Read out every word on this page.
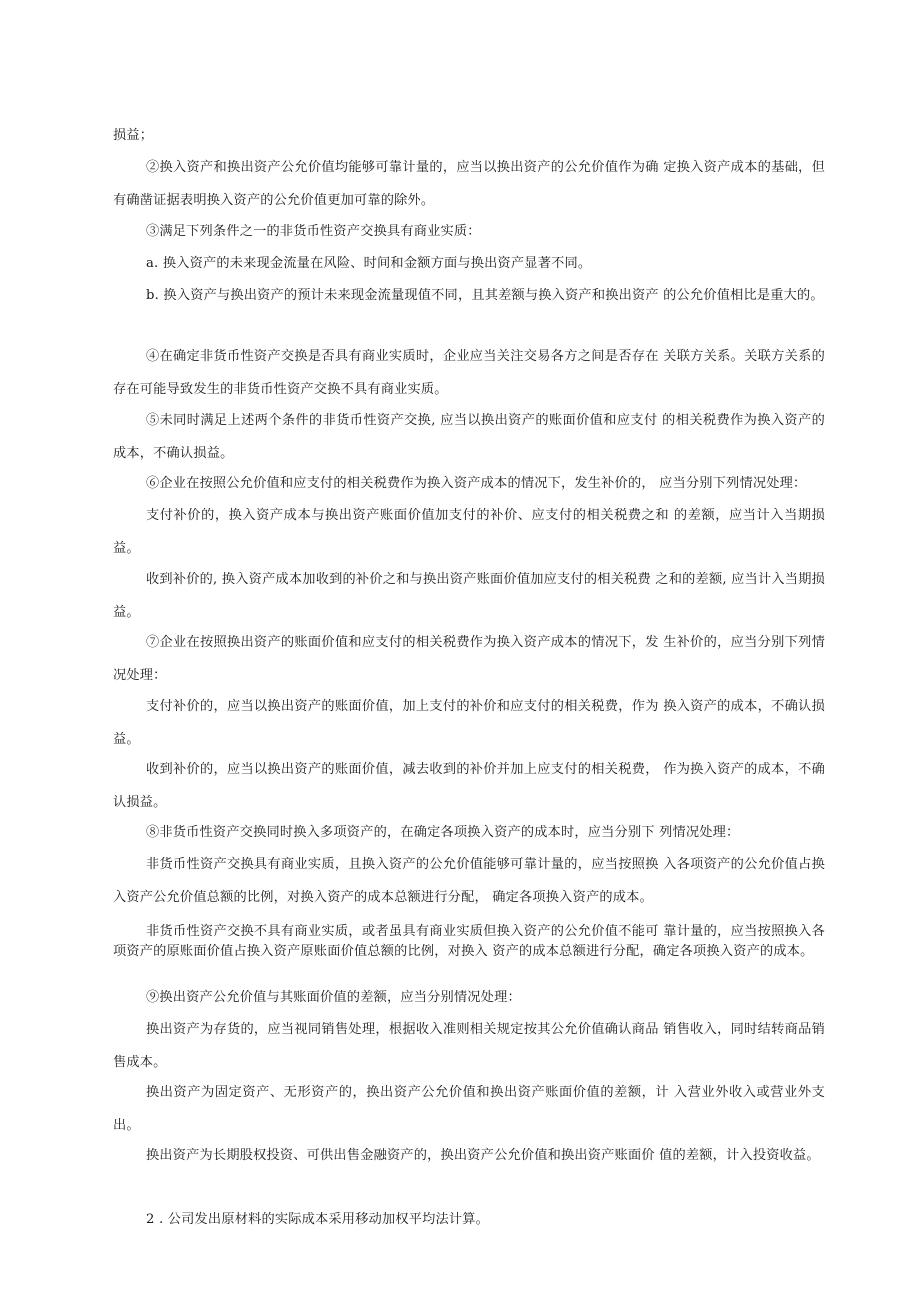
损益；

②换入资产和换出资产公允价值均能够可靠计量的，应当以换出资产的公允价值作为确 定换入资产成本的基础，但有确凿证据表明换入资产的公允价值更加可靠的除外。

③满足下列条件之一的非货币性资产交换具有商业实质：

a. 换入资产的未来现金流量在风险、时间和金额方面与换出资产显著不同。

b. 换入资产与换出资产的预计未来现金流量现值不同，且其差额与换入资产和换出资产 的公允价值相比是重大的。

④在确定非货币性资产交换是否具有商业实质时，企业应当关注交易各方之间是否存在 关联方关系。关联方关系的存在可能导致发生的非货币性资产交换不具有商业实质。

⑤未同时满足上述两个条件的非货币性资产交换, 应当以换出资产的账面价值和应支付 的相关税费作为换入资产的成本，不确认损益。

⑥企业在按照公允价值和应支付的相关税费作为换入资产成本的情况下，发生补价的， 应当分别下列情况处理：

支付补价的，换入资产成本与换出资产账面价值加支付的补价、应支付的相关税费之和 的差额，应当计入当期损益。

收到补价的, 换入资产成本加收到的补价之和与换出资产账面价值加应支付的相关税费 之和的差额, 应当计入当期损益。

⑦企业在按照换出资产的账面价值和应支付的相关税费作为换入资产成本的情况下，发 生补价的，应当分别下列情况处理：

支付补价的，应当以换出资产的账面价值，加上支付的补价和应支付的相关税费，作为 换入资产的成本，不确认损益。

收到补价的，应当以换出资产的账面价值，减去收到的补价并加上应支付的相关税费， 作为换入资产的成本，不确认损益。

⑧非货币性资产交换同时换入多项资产的，在确定各项换入资产的成本时，应当分别下 列情况处理：

非货币性资产交换具有商业实质，且换入资产的公允价值能够可靠计量的，应当按照换 入各项资产的公允价值占换入资产公允价值总额的比例，对换入资产的成本总额进行分配， 确定各项换入资产的成本。

非货币性资产交换不具有商业实质，或者虽具有商业实质但换入资产的公允价值不能可 靠计量的，应当按照换入各项资产的原账面价值占换入资产原账面价值总额的比例，对换入 资产的成本总额进行分配，确定各项换入资产的成本。

⑨换出资产公允价值与其账面价值的差额，应当分别情况处理：

换出资产为存货的，应当视同销售处理，根据收入准则相关规定按其公允价值确认商品 销售收入，同时结转商品销售成本。

换出资产为固定资产、无形资产的，换出资产公允价值和换出资产账面价值的差额，计 入营业外收入或营业外支出。

换出资产为长期股权投资、可供出售金融资产的，换出资产公允价值和换出资产账面价 值的差额，计入投资收益。

2 . 公司发出原材料的实际成本采用移动加权平均法计算。
